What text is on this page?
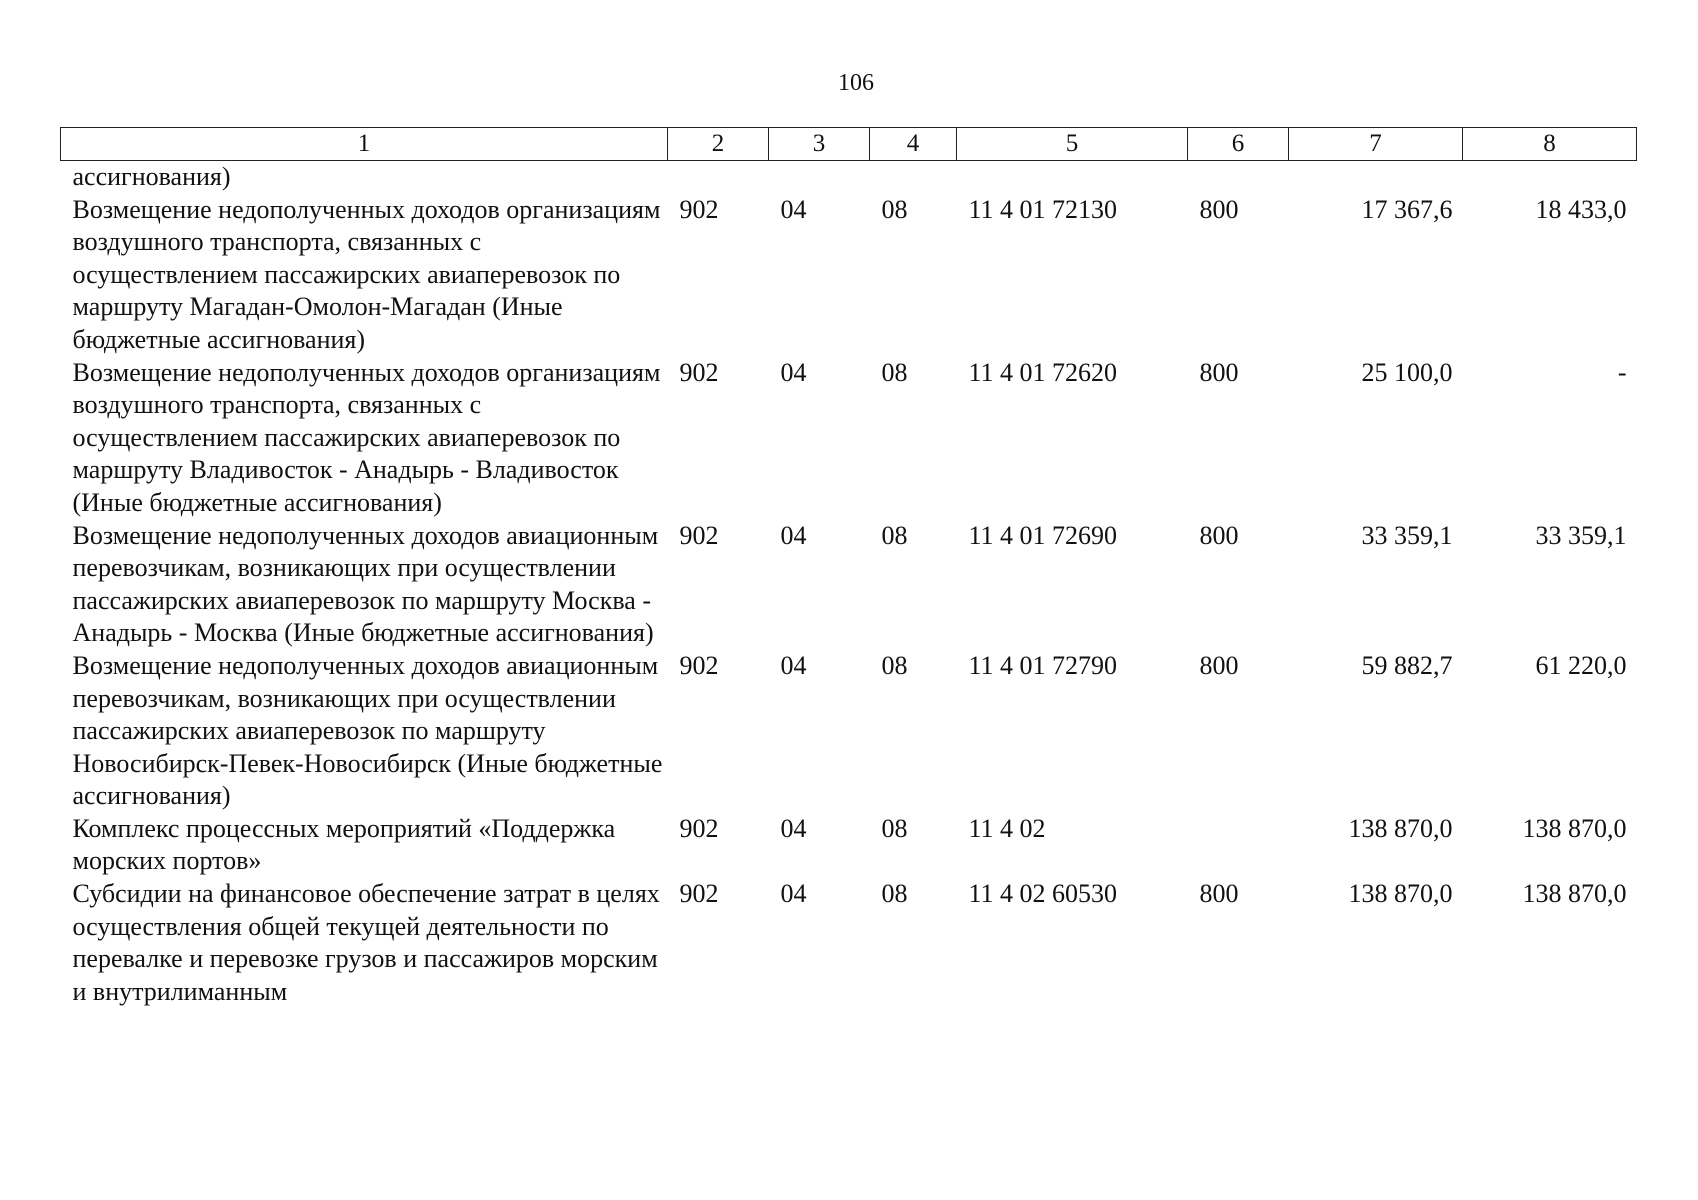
106
1	2	3	4	5	6	7	8
ассигнования)							
Возмещение недополученных доходов организациям воздушного транспорта, связанных с осуществлением пассажирских авиаперевозок по маршруту Магадан-Омолон-Магадан (Иные бюджетные ассигнования)	902	04	08	11 4 01 72130	800	17 367,6	18 433,0
Возмещение недополученных доходов организациям воздушного транспорта, связанных с осуществлением пассажирских авиаперевозок по маршруту Владивосток - Анадырь - Владивосток (Иные бюджетные ассигнования)	902	04	08	11 4 01 72620	800	25 100,0	-
Возмещение недополученных доходов авиационным перевозчикам, возникающих при осуществлении пассажирских авиаперевозок по маршруту Москва - Анадырь - Москва (Иные бюджетные ассигнования)	902	04	08	11 4 01 72690	800	33 359,1	33 359,1
Возмещение недополученных доходов авиационным перевозчикам, возникающих при осуществлении пассажирских авиаперевозок по маршруту Новосибирск-Певек-Новосибирск (Иные бюджетные ассигнования)	902	04	08	11 4 01 72790	800	59 882,7	61 220,0
Комплекс процессных мероприятий «Поддержка морских портов»	902	04	08	11 4 02		138 870,0	138 870,0
Субсидии на финансовое обеспечение затрат в целях осуществления общей текущей деятельности по перевалке и перевозке грузов и пассажиров морским и внутрилиманным	902	04	08	11 4 02 60530	800	138 870,0	138 870,0
